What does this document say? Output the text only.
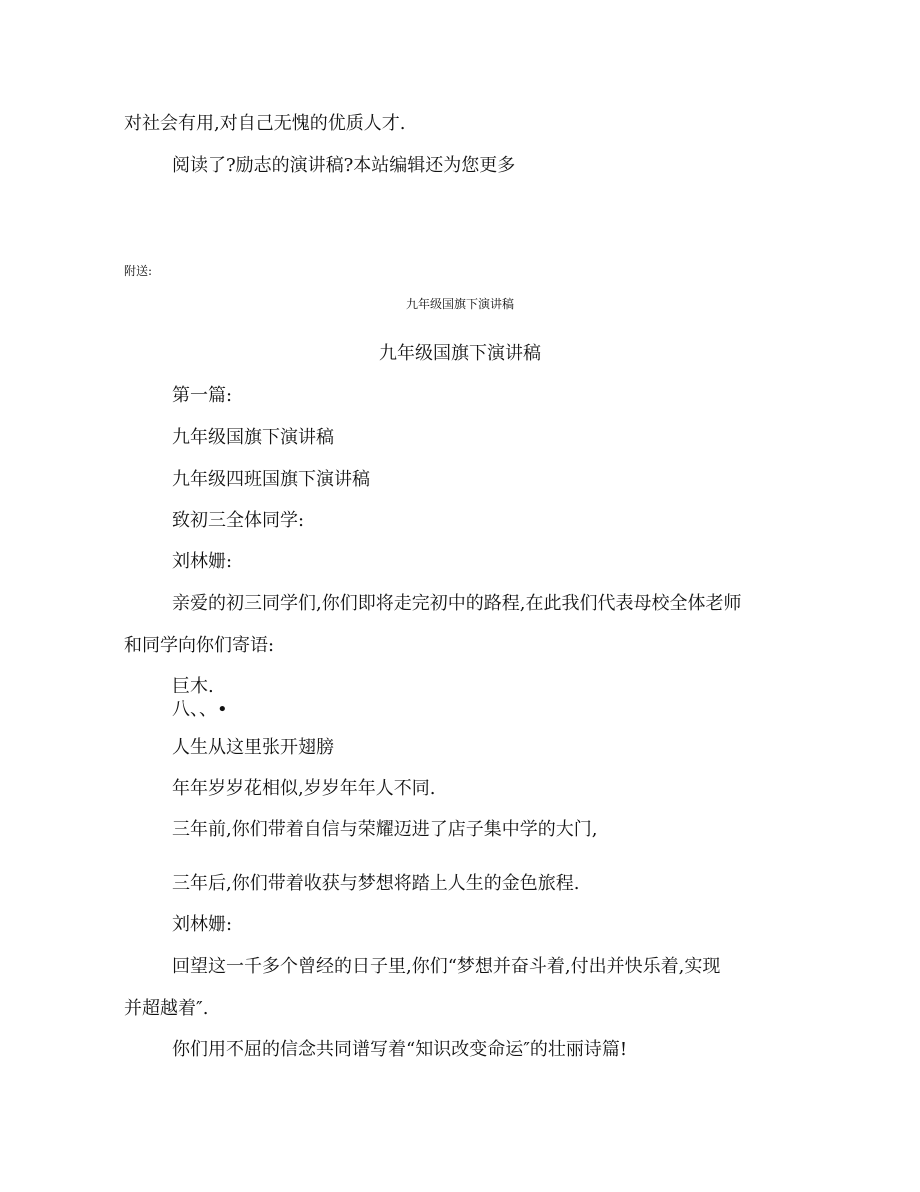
对社会有用,对自己无愧的优质人才.
阅读了?励志的演讲稿?本站编辑还为您更多
附送:
九年级国旗下演讲稿
九年级国旗下演讲稿
第一篇:
九年级国旗下演讲稿
九年级四班国旗下演讲稿
致初三全体同学:
刘林姗:
亲爱的初三同学们,你们即将走完初中的路程,在此我们代表母校全体老师
和同学向你们寄语:
巨木.
八、、•
人生从这里张开翅膀
年年岁岁花相似,岁岁年年人不同.
三年前,你们带着自信与荣耀迈进了店子集中学的大门,
三年后,你们带着收获与梦想将踏上人生的金色旅程.
刘林姗:
回望这一千多个曾经的日子里,你们“梦想并奋斗着,付出并快乐着,实现
并超越着″.
你们用不屈的信念共同谱写着“知识改变命运″的壮丽诗篇!
